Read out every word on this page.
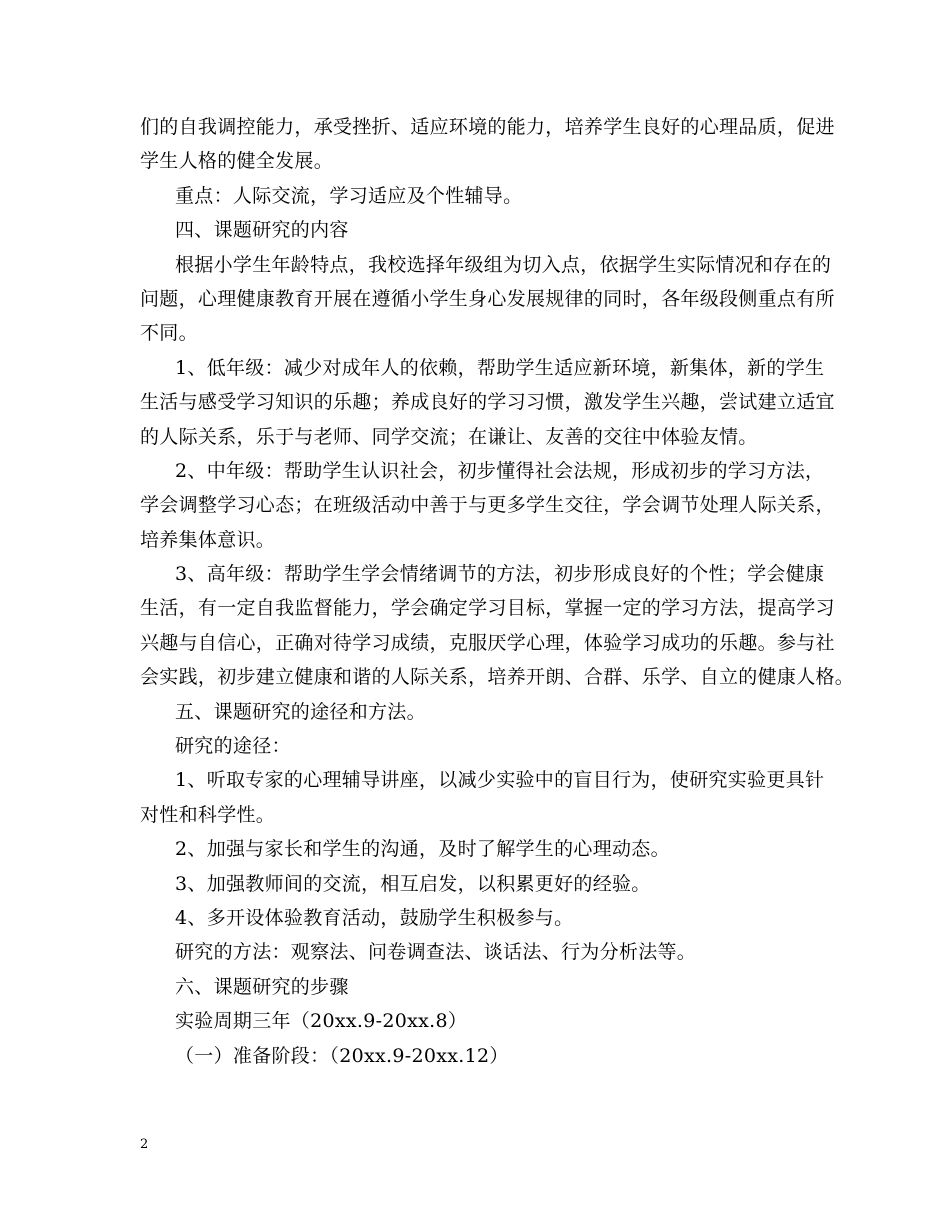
们的自我调控能力，承受挫折、适应环境的能力，培养学生良好的心理品质，促进
学生人格的健全发展。
重点：人际交流，学习适应及个性辅导。
四、课题研究的内容
根据小学生年龄特点，我校选择年级组为切入点，依据学生实际情况和存在的
问题，心理健康教育开展在遵循小学生身心发展规律的同时，各年级段侧重点有所
不同。
1、低年级：减少对成年人的依赖，帮助学生适应新环境，新集体，新的学生
生活与感受学习知识的乐趣；养成良好的学习习惯，激发学生兴趣，尝试建立适宜
的人际关系，乐于与老师、同学交流；在谦让、友善的交往中体验友情。
2、中年级：帮助学生认识社会，初步懂得社会法规，形成初步的学习方法，
学会调整学习心态；在班级活动中善于与更多学生交往，学会调节处理人际关系，
培养集体意识。
3、高年级：帮助学生学会情绪调节的方法，初步形成良好的个性；学会健康
生活，有一定自我监督能力，学会确定学习目标，掌握一定的学习方法，提高学习
兴趣与自信心，正确对待学习成绩，克服厌学心理，体验学习成功的乐趣。参与社
会实践，初步建立健康和谐的人际关系，培养开朗、合群、乐学、自立的健康人格。
五、课题研究的途径和方法。
研究的途径：
1、听取专家的心理辅导讲座，以减少实验中的盲目行为，使研究实验更具针
对性和科学性。
2、加强与家长和学生的沟通，及时了解学生的心理动态。
3、加强教师间的交流，相互启发，以积累更好的经验。
4、多开设体验教育活动，鼓励学生积极参与。
研究的方法：观察法、问卷调查法、谈话法、行为分析法等。
六、课题研究的步骤
实验周期三年（20xx.9-20xx.8）
（一）准备阶段：（20xx.9-20xx.12）
2
